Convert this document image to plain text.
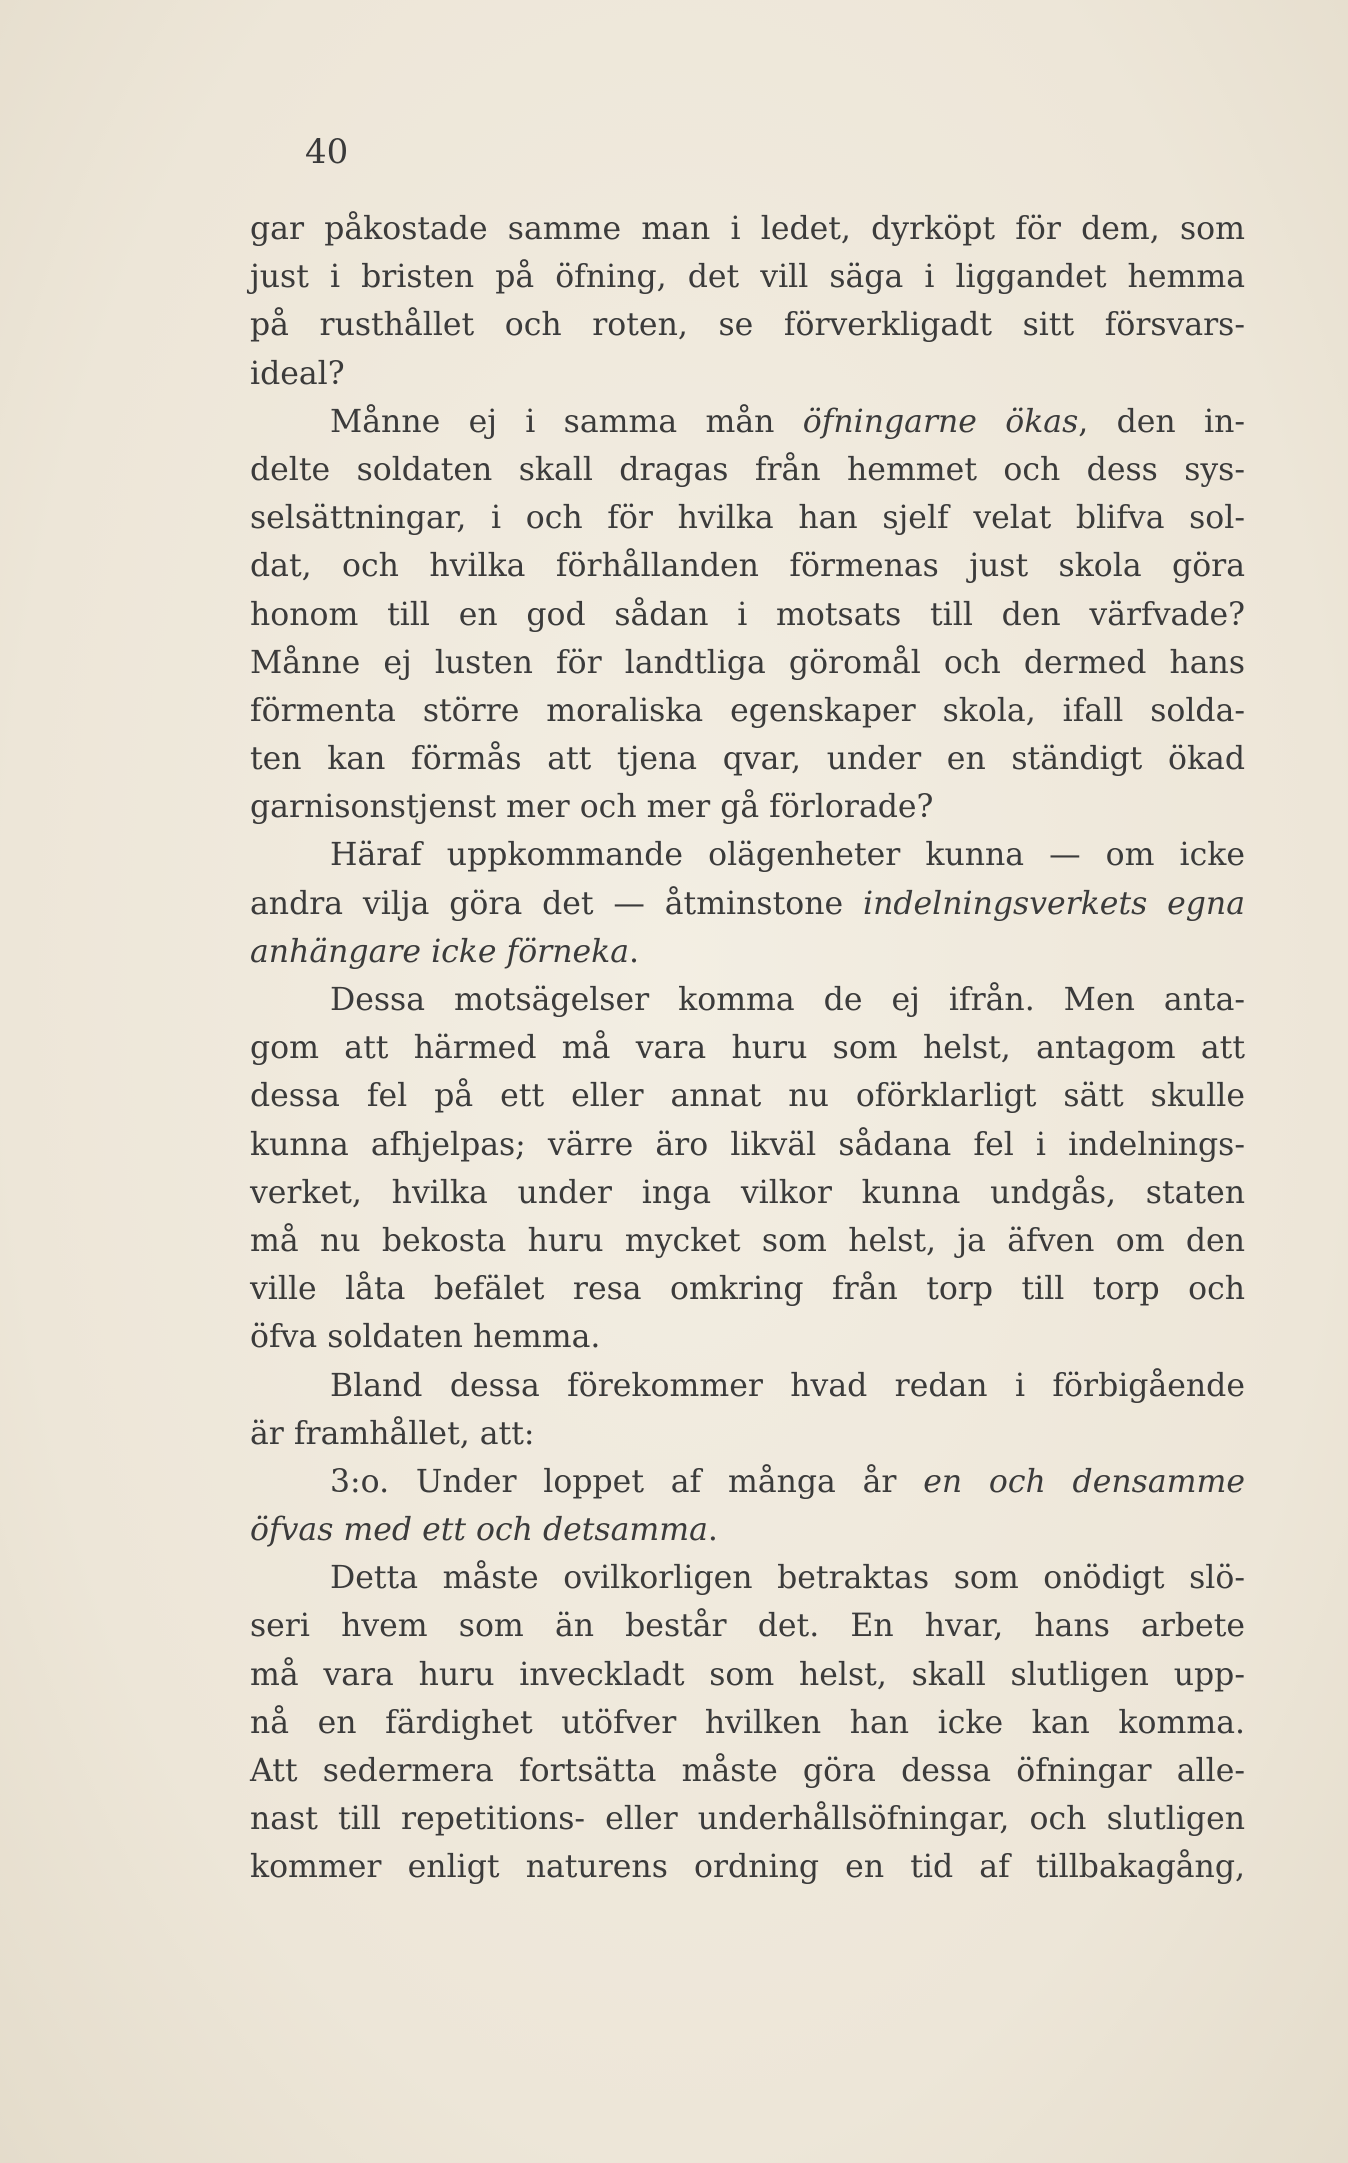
40
gar påkostade samme man i ledet, dyrköpt för dem, som
just i bristen på öfning, det vill säga i liggandet hemma
på rusthållet och roten, se förverkligadt sitt försvars-
ideal?
Månne ej i samma mån öfningarne ökas, den in-
delte soldaten skall dragas från hemmet och dess sys-
selsättningar, i och för hvilka han sjelf velat blifva sol-
dat, och hvilka förhållanden förmenas just skola göra
honom till en god sådan i motsats till den värfvade?
Månne ej lusten för landtliga göromål och dermed hans
förmenta större moraliska egenskaper skola, ifall solda-
ten kan förmås att tjena qvar, under en ständigt ökad
garnisonstjenst mer och mer gå förlorade?
Häraf uppkommande olägenheter kunna — om icke
andra vilja göra det — åtminstone indelningsverkets egna
anhängare icke förneka.
Dessa motsägelser komma de ej ifrån. Men anta-
gom att härmed må vara huru som helst, antagom att
dessa fel på ett eller annat nu oförklarligt sätt skulle
kunna afhjelpas; värre äro likväl sådana fel i indelnings-
verket, hvilka under inga vilkor kunna undgås, staten
må nu bekosta huru mycket som helst, ja äfven om den
ville låta befälet resa omkring från torp till torp och
öfva soldaten hemma.
Bland dessa förekommer hvad redan i förbigående
är framhållet, att:
3:o. Under loppet af många år en och densamme
öfvas med ett och detsamma.
Detta måste ovilkorligen betraktas som onödigt slö-
seri hvem som än består det. En hvar, hans arbete
må vara huru inveckladt som helst, skall slutligen upp-
nå en färdighet utöfver hvilken han icke kan komma.
Att sedermera fortsätta måste göra dessa öfningar alle-
nast till repetitions- eller underhållsöfningar, och slutligen
kommer enligt naturens ordning en tid af tillbakagång,
